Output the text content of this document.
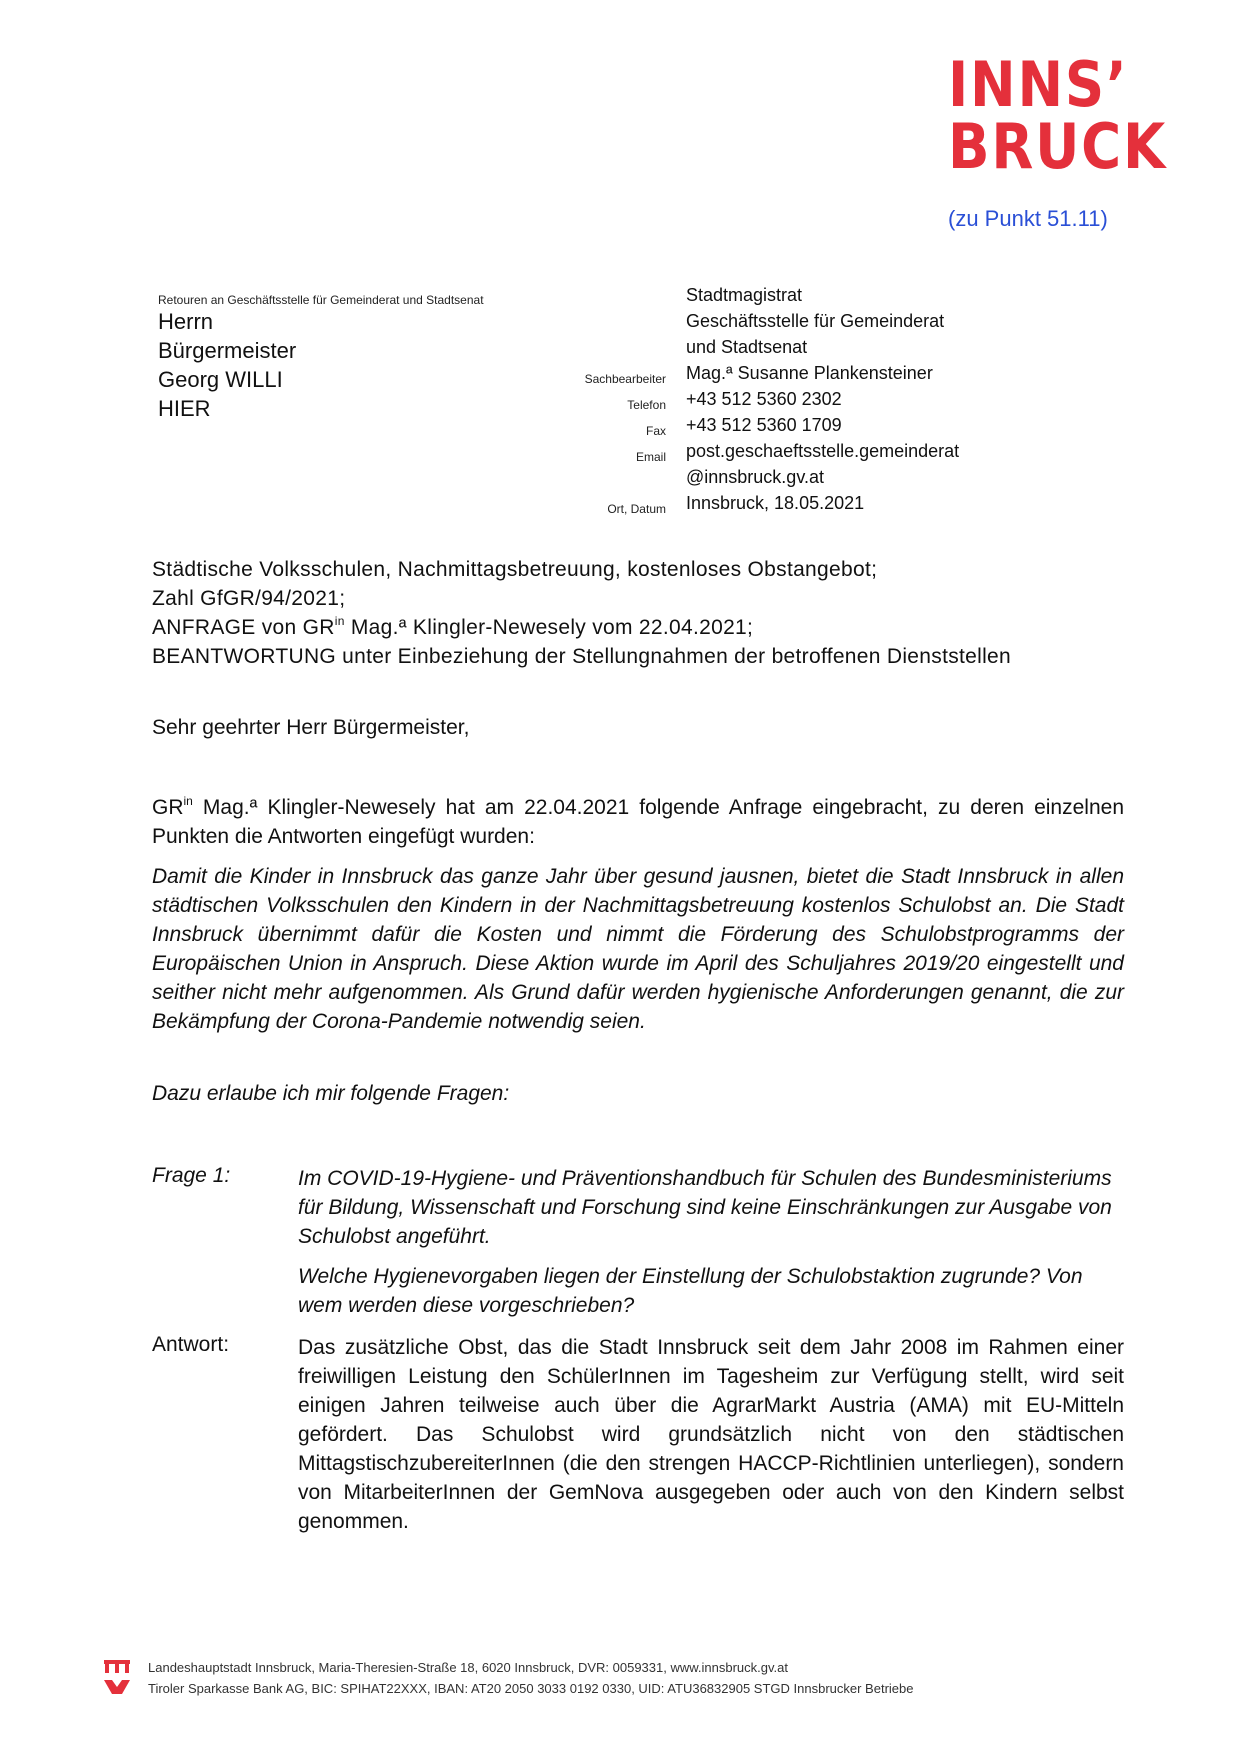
INNS’
BRUCK
(zu Punkt 51.11)
Retouren an Geschäftsstelle für Gemeinderat und Stadtsenat
Herrn
Bürgermeister
Georg WILLI
HIER
Stadtmagistrat
Geschäftsstelle für Gemeinderat
und Stadtsenat
Sachbearbeiter Mag.ª Susanne Plankensteiner
Telefon +43 512 5360 2302
Fax +43 512 5360 1709
Email post.geschaeftsstelle.gemeinderat
@innsbruck.gv.at
Ort, Datum Innsbruck, 18.05.2021
Städtische Volksschulen, Nachmittagsbetreuung, kostenloses Obstangebot;
Zahl GfGR/94/2021;
ANFRAGE von $GR^{in}$ Mag.ª Klingler-Newesely vom 22.04.2021;
BEANTWORTUNG unter Einbeziehung der Stellungnahmen der betroffenen Dienststellen
Sehr geehrter Herr Bürgermeister,
$GR^{in}$ Mag.ª Klingler-Newesely hat am 22.04.2021 folgende Anfrage eingebracht, zu deren einzelnen Punkten die Antworten eingefügt wurden:
Damit die Kinder in Innsbruck das ganze Jahr über gesund jausnen, bietet die Stadt Innsbruck in allen städtischen Volksschulen den Kindern in der Nachmittagsbetreuung kostenlos Schulobst an. Die Stadt Innsbruck übernimmt dafür die Kosten und nimmt die Förderung des Schulobstprogramms der Europäischen Union in Anspruch. Diese Aktion wurde im April des Schuljahres 2019/20 eingestellt und seither nicht mehr aufgenommen. Als Grund dafür werden hygienische Anforderungen genannt, die zur Bekämpfung der Corona-Pandemie notwendig seien.
Dazu erlaube ich mir folgende Fragen:
Frage 1:	Im COVID-19-Hygiene- und Präventionshandbuch für Schulen des Bundesministeriums für Bildung, Wissenschaft und Forschung sind keine Einschränkungen zur Ausgabe von Schulobst angeführt.
Welche Hygienevorgaben liegen der Einstellung der Schulobstaktion zugrunde? Von wem werden diese vorgeschrieben?
Antwort:	Das zusätzliche Obst, das die Stadt Innsbruck seit dem Jahr 2008 im Rahmen einer freiwilligen Leistung den SchülerInnen im Tagesheim zur Verfügung stellt, wird seit einigen Jahren teilweise auch über die AgrarMarkt Austria (AMA) mit EU-Mitteln gefördert. Das Schulobst wird grundsätzlich nicht von den städtischen MittagstischzubereiterInnen (die den strengen HACCP-Richtlinien unterliegen), sondern von MitarbeiterInnen der GemNova ausgegeben oder auch von den Kindern selbst genommen.
Landeshauptstadt Innsbruck, Maria-Theresien-Straße 18, 6020 Innsbruck, DVR: 0059331, www.innsbruck.gv.at
Tiroler Sparkasse Bank AG, BIC: SPIHAT22XXX, IBAN: AT20 2050 3033 0192 0330, UID: ATU36832905 STGD Innsbrucker Betriebe
